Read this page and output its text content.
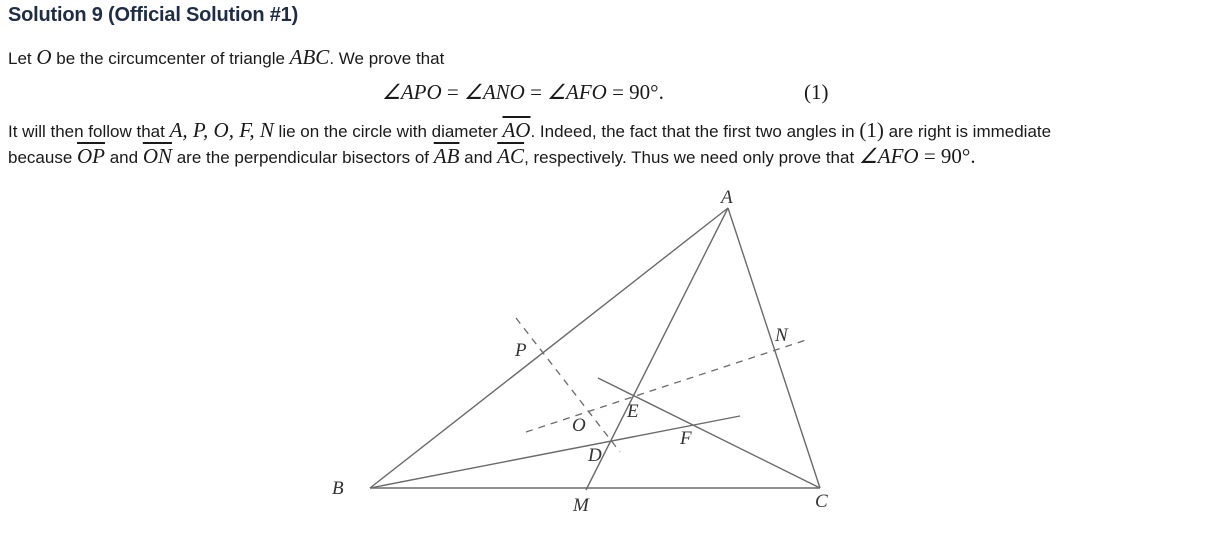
Solution 9 (Official Solution #1)
Let O be the circumcenter of triangle ABC. We prove that
∠APO = ∠ANO = ∠AFO = 90°.	(1)
It will then follow that A, P, O, F, N lie on the circle with diameter $\overline{AO}$. Indeed, the fact that the first two angles in (1) are right is immediate
because $\overline{OP}$ and $\overline{ON}$ are the perpendicular bisectors of $\overline{AB}$ and $\overline{AC}$, respectively. Thus we need only prove that ∠AFO = 90°.
A
B
C
M
P
N
O
D
E
F
